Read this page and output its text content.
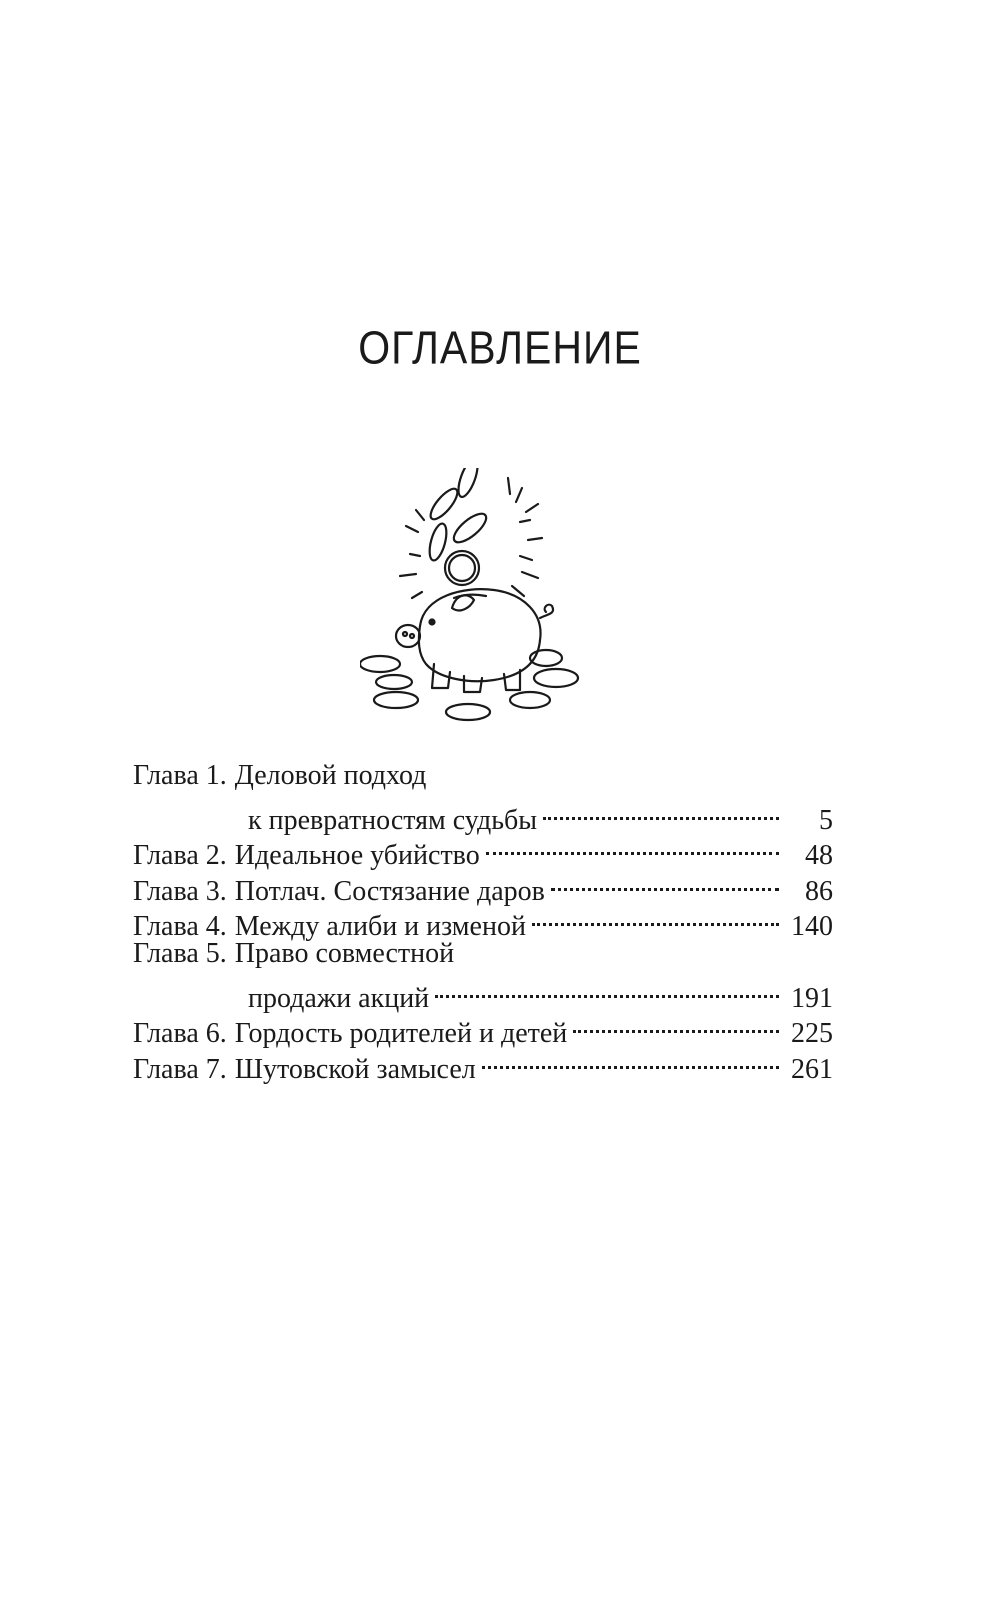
ОГЛАВЛЕНИЕ
Глава 1. Деловой подход
к превратностям судьбы	5
Глава 2. Идеальное убийство	48
Глава 3. Потлач. Состязание даров	86
Глава 4. Между алиби и изменой	140
Глава 5. Право совместной
продажи акций	191
Глава 6. Гордость родителей и детей	225
Глава 7. Шутовской замысел	261
